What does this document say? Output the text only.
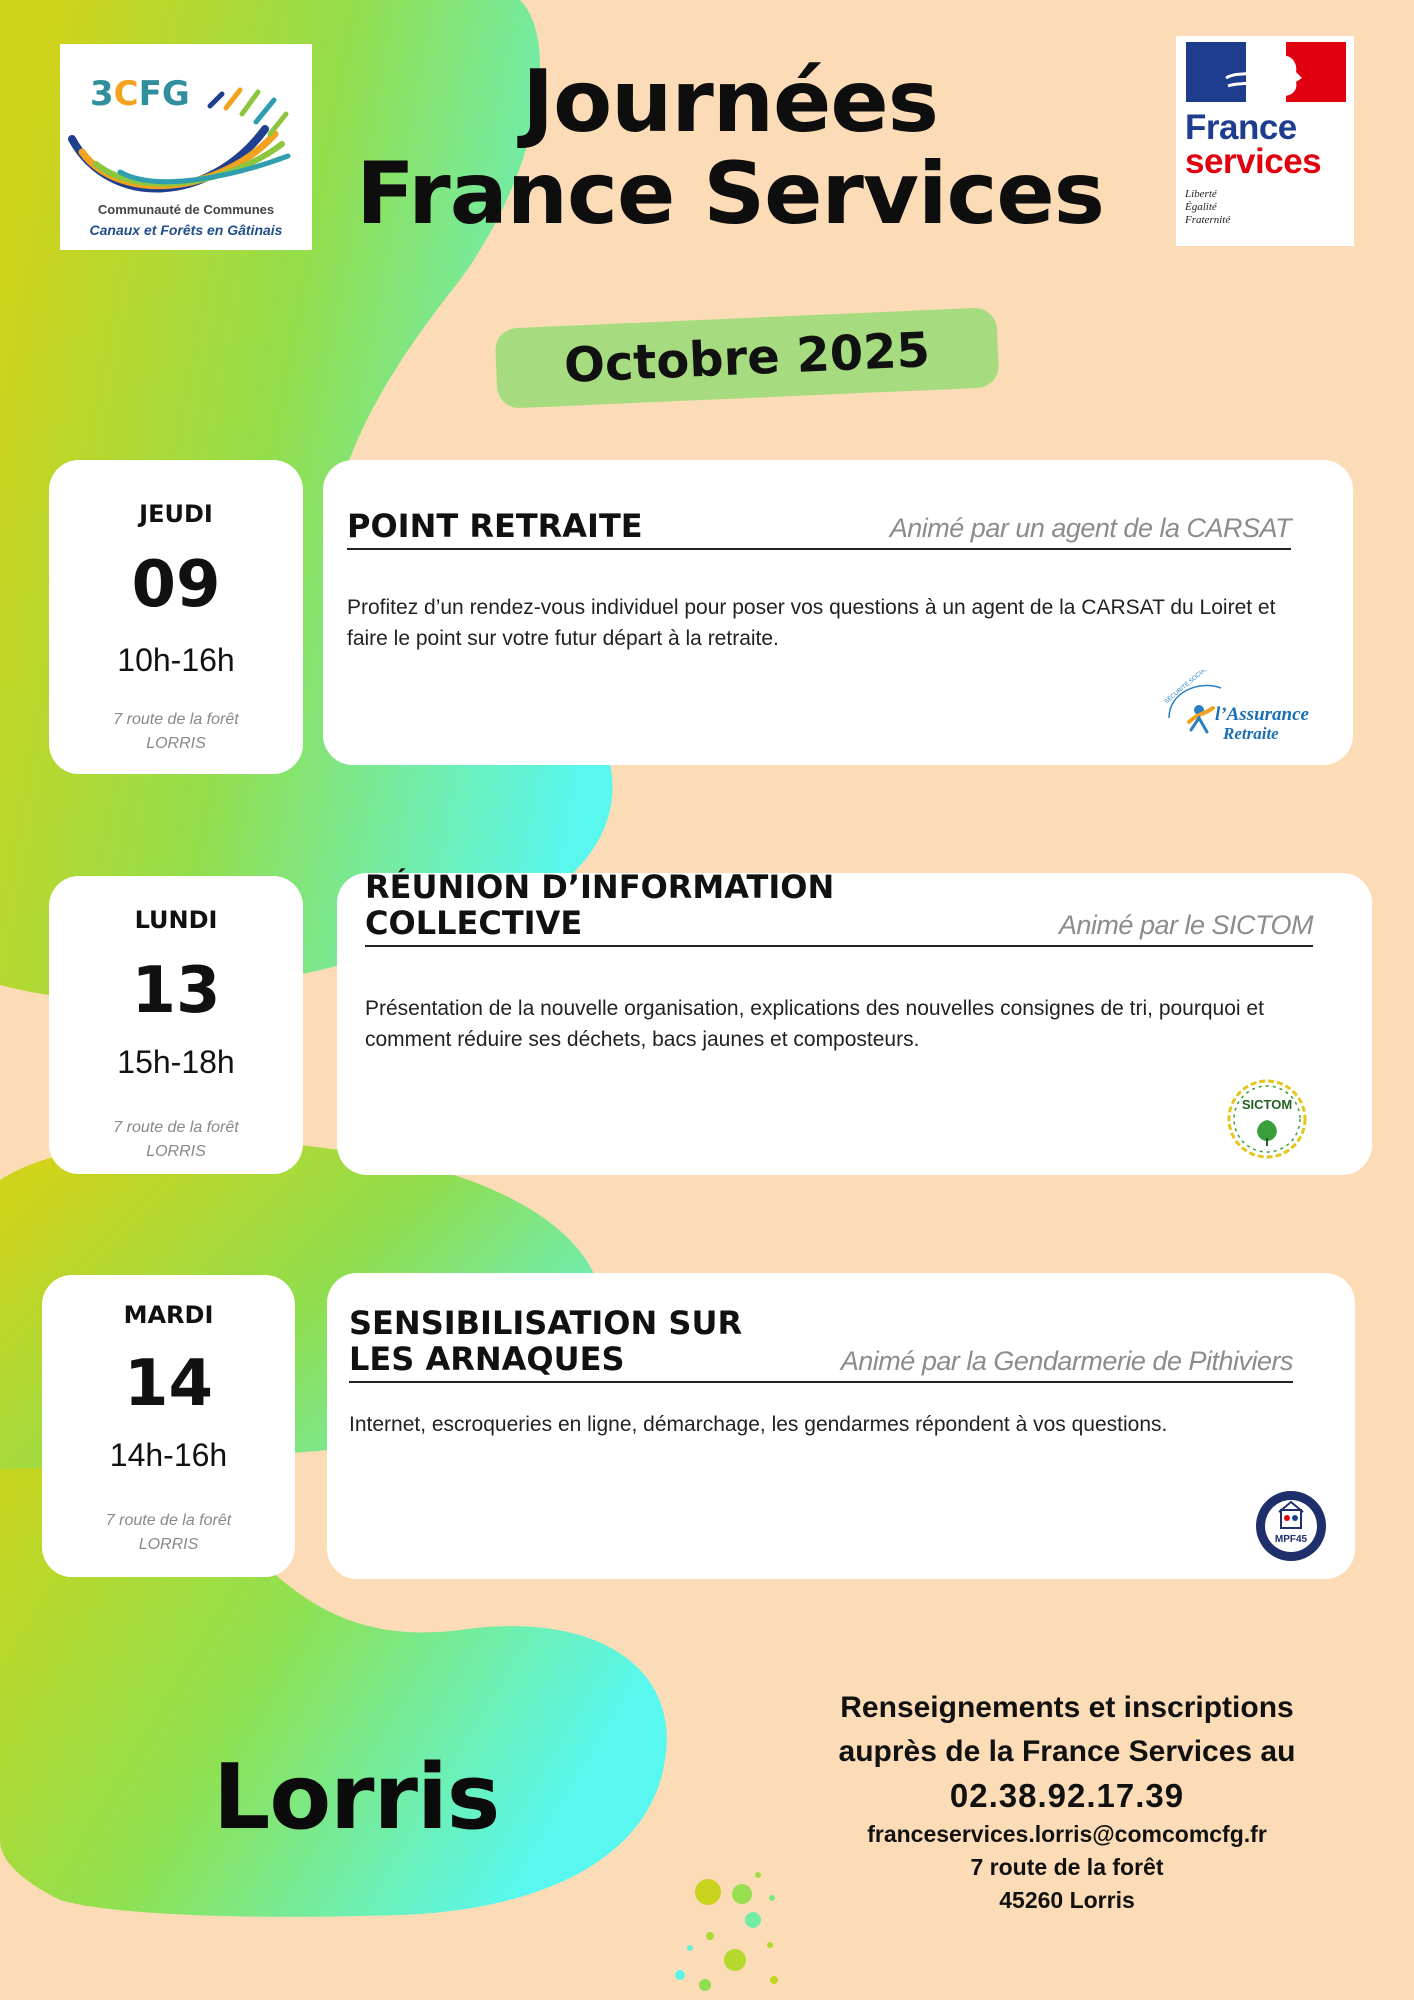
3CFG
Communauté de Communes
Canaux et Forêts en Gâtinais
Journées
France Services
France
services
Liberté
Égalité
Fraternité
Octobre 2025
JEUDI
09
10h-16h
7 route de la forêt
LORRIS
POINT RETRAITE	Animé par un agent de la CARSAT
Profitez d’un rendez-vous individuel pour poser vos questions à un agent de la CARSAT du Loiret et faire le point sur votre futur départ à la retraite.
l’Assurance
Retraite
SÉCURITÉ SOCIALE
LUNDI
13
15h-18h
7 route de la forêt
LORRIS
RÉUNION D’INFORMATION COLLECTIVE	Animé par le SICTOM
Présentation de la nouvelle organisation, explications des nouvelles consignes de tri, pourquoi et comment réduire ses déchets, bacs jaunes et composteurs.
SICTOM
MARDI
14
14h-16h
7 route de la forêt
LORRIS
SENSIBILISATION SUR
LES ARNAQUES	Animé par la Gendarmerie de Pithiviers
Internet, escroqueries en ligne, démarchage, les gendarmes répondent à vos questions.
MPF45
Lorris
Renseignements et inscriptions
auprès de la France Services au
02.38.92.17.39
franceservices.lorris@comcomcfg.fr
7 route de la forêt
45260 Lorris
